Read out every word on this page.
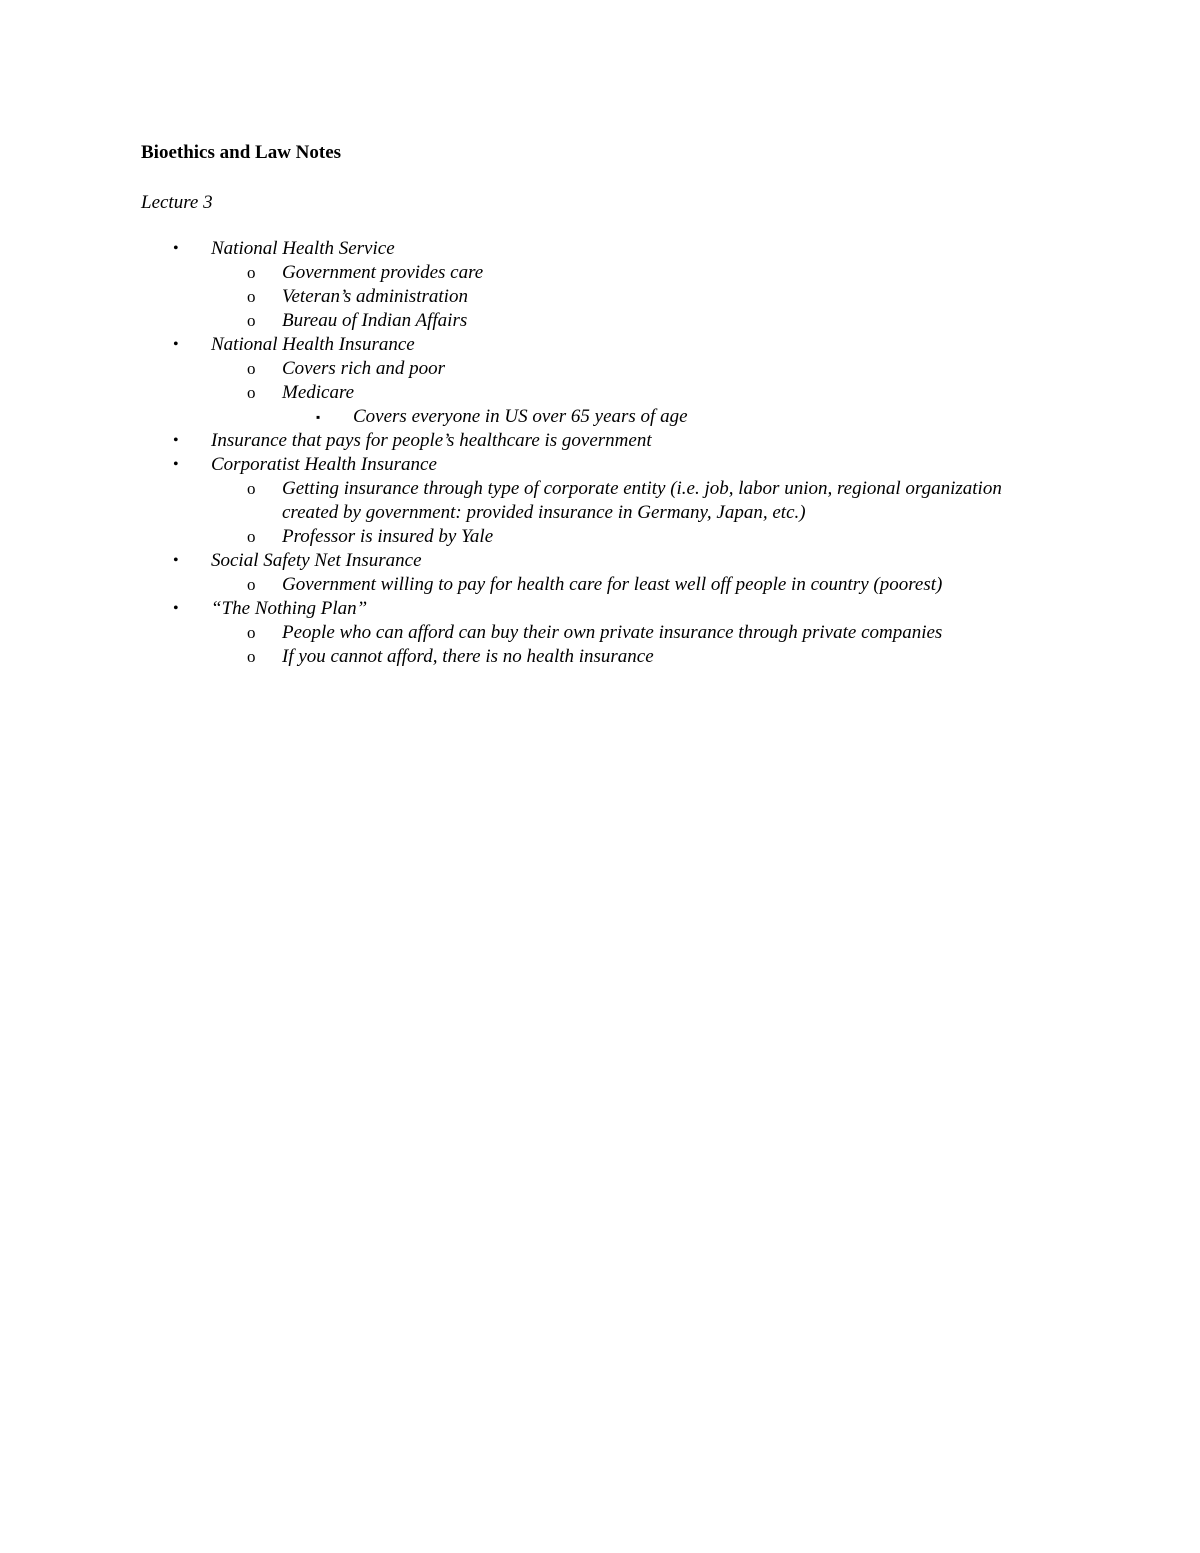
Bioethics and Law Notes
Lecture 3
• National Health Service
o Government provides care
o Veteran’s administration
o Bureau of Indian Affairs
• National Health Insurance
o Covers rich and poor
o Medicare
▪ Covers everyone in US over 65 years of age
• Insurance that pays for people’s healthcare is government
• Corporatist Health Insurance
o Getting insurance through type of corporate entity (i.e. job, labor union, regional organization created by government: provided insurance in Germany, Japan, etc.)
o Professor is insured by Yale
• Social Safety Net Insurance
o Government willing to pay for health care for least well off people in country (poorest)
• “The Nothing Plan”
o People who can afford can buy their own private insurance through private companies
o If you cannot afford, there is no health insurance
